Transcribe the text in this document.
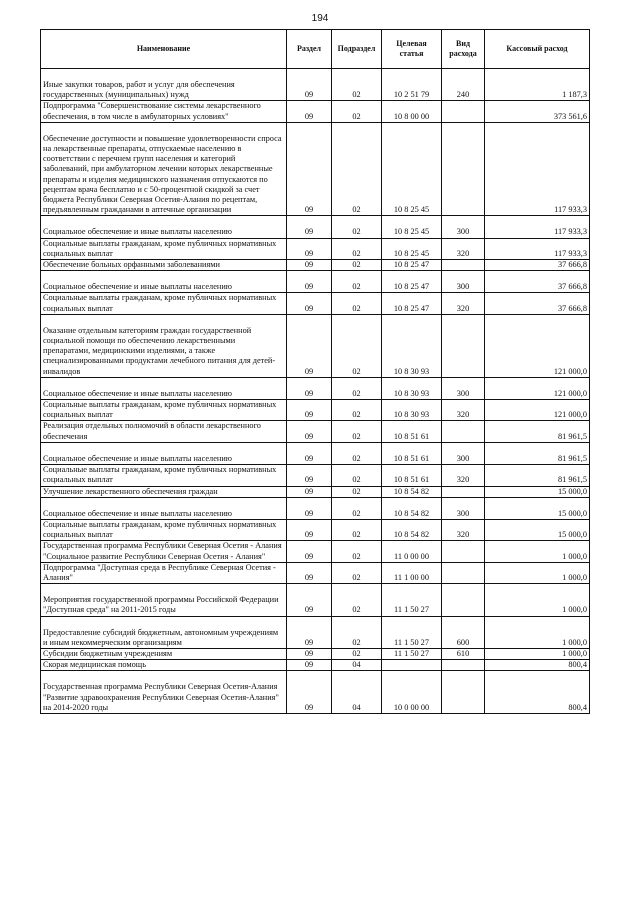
194
Наименование	Раздел	Подраздел	Целевая статья	Вид расхода	Кассовый расход

Иные закупки товаров, работ и услуг для обеспечения государственных (муниципальных) нужд	09	02	10 2 51 79	240	1 187,3

Подпрограмма "Совершенствование системы лекарственного обеспечения, в том числе в амбулаторных условиях"	09	02	10 8 00 00		373 561,6

Обеспечение доступности и повышение удовлетворенности спроса на лекарственные препараты, отпускаемые населению в соответствии с перечнем групп населения и категорий заболеваний, при амбулаторном лечении которых лекарственные препараты и изделия медицинского назначения отпускаются по рецептам врача бесплатно и с 50-процентной скидкой за счет бюджета Республики Северная Осетия-Алания по рецептам, предъявленным гражданами в аптечные организации	09	02	10 8 25 45		117 933,3

Социальное обеспечение и иные выплаты населению	09	02	10 8 25 45	300	117 933,3

Социальные выплаты гражданам, кроме публичных нормативных социальных выплат	09	02	10 8 25 45	320	117 933,3

Обеспечение больных орфанными заболеваниями	09	02	10 8 25 47		37 666,8

Социальное обеспечение и иные выплаты населению	09	02	10 8 25 47	300	37 666,8

Социальные выплаты гражданам, кроме публичных нормативных социальных выплат	09	02	10 8 25 47	320	37 666,8

Оказание отдельным категориям граждан государственной социальной помощи по обеспечению лекарственными препаратами, медицинскими изделиями, а также специализированными продуктами лечебного питания для детей-инвалидов	09	02	10 8 30 93		121 000,0

Социальное обеспечение и иные выплаты населению	09	02	10 8 30 93	300	121 000,0

Социальные выплаты гражданам, кроме публичных нормативных социальных выплат	09	02	10 8 30 93	320	121 000,0

Реализация отдельных полномочий в области лекарственного обеспечения	09	02	10 8 51 61		81 961,5

Социальное обеспечение и иные выплаты населению	09	02	10 8 51 61	300	81 961,5

Социальные выплаты гражданам, кроме публичных нормативных социальных выплат	09	02	10 8 51 61	320	81 961,5

Улучшение лекарственного обеспечения граждан	09	02	10 8 54 82		15 000,0

Социальное обеспечение и иные выплаты населению	09	02	10 8 54 82	300	15 000,0

Социальные выплаты гражданам, кроме публичных нормативных социальных выплат	09	02	10 8 54 82	320	15 000,0

Государственная программа Республики Северная Осетия - Алания "Социальное развитие Республики Северная Осетия - Алания"	09	02	11 0 00 00		1 000,0

Подпрограмма "Доступная среда в Республике Северная Осетия - Алания"	09	02	11 1 00 00		1 000,0

Мероприятия государственной программы Российской Федерации "Доступная среда" на 2011-2015 годы	09	02	11 1 50 27		1 000,0

Предоставление субсидий бюджетным, автономным учреждениям и иным некоммерческим организациям	09	02	11 1 50 27	600	1 000,0

Субсидии бюджетным учреждениям	09	02	11 1 50 27	610	1 000,0

Скорая медицинская помощь	09	04			800,4

Государственная программа Республики Северная Осетия-Алания "Развитие здравоохранения Республики Северная Осетия-Алания" на 2014-2020 годы	09	04	10 0 00 00		800,4
